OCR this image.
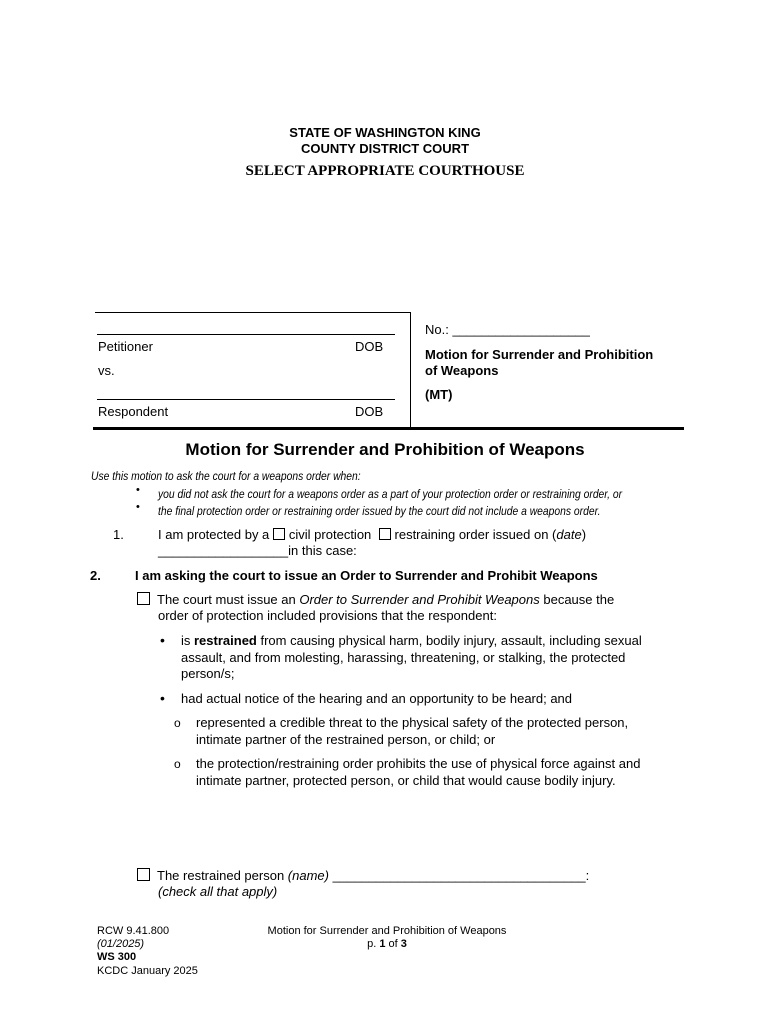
STATE OF WASHINGTON KING
COUNTY DISTRICT COURT
SELECT APPROPRIATE COURTHOUSE
Petitioner	DOB
vs.
Respondent	DOB
No.: ___________________
Motion for Surrender and Prohibition
of Weapons
(MT)
Motion for Surrender and Prohibition of Weapons
Use this motion to ask the court for a weapons order when:
• you did not ask the court for a weapons order as a part of your protection order or restraining order, or
• the final protection order or restraining order issued by the court did not include a weapons order.
1.	I am protected by a civil protection restraining order issued on (date)
__________________in this case:
2.	I am asking the court to issue an Order to Surrender and Prohibit Weapons
The court must issue an Order to Surrender and Prohibit Weapons because the
order of protection included provisions that the respondent:
• is restrained from causing physical harm, bodily injury, assault, including sexual
assault, and from molesting, harassing, threatening, or stalking, the protected
person/s;
• had actual notice of the hearing and an opportunity to be heard; and
o represented a credible threat to the physical safety of the protected person,
intimate partner of the restrained person, or child; or
o the protection/restraining order prohibits the use of physical force against and
intimate partner, protected person, or child that would cause bodily injury.
The restrained person (name) ___________________________________:
(check all that apply)
RCW 9.41.800
(01/2025)
WS 300
KCDC January 2025
Motion for Surrender and Prohibition of Weapons
p. 1 of 3
